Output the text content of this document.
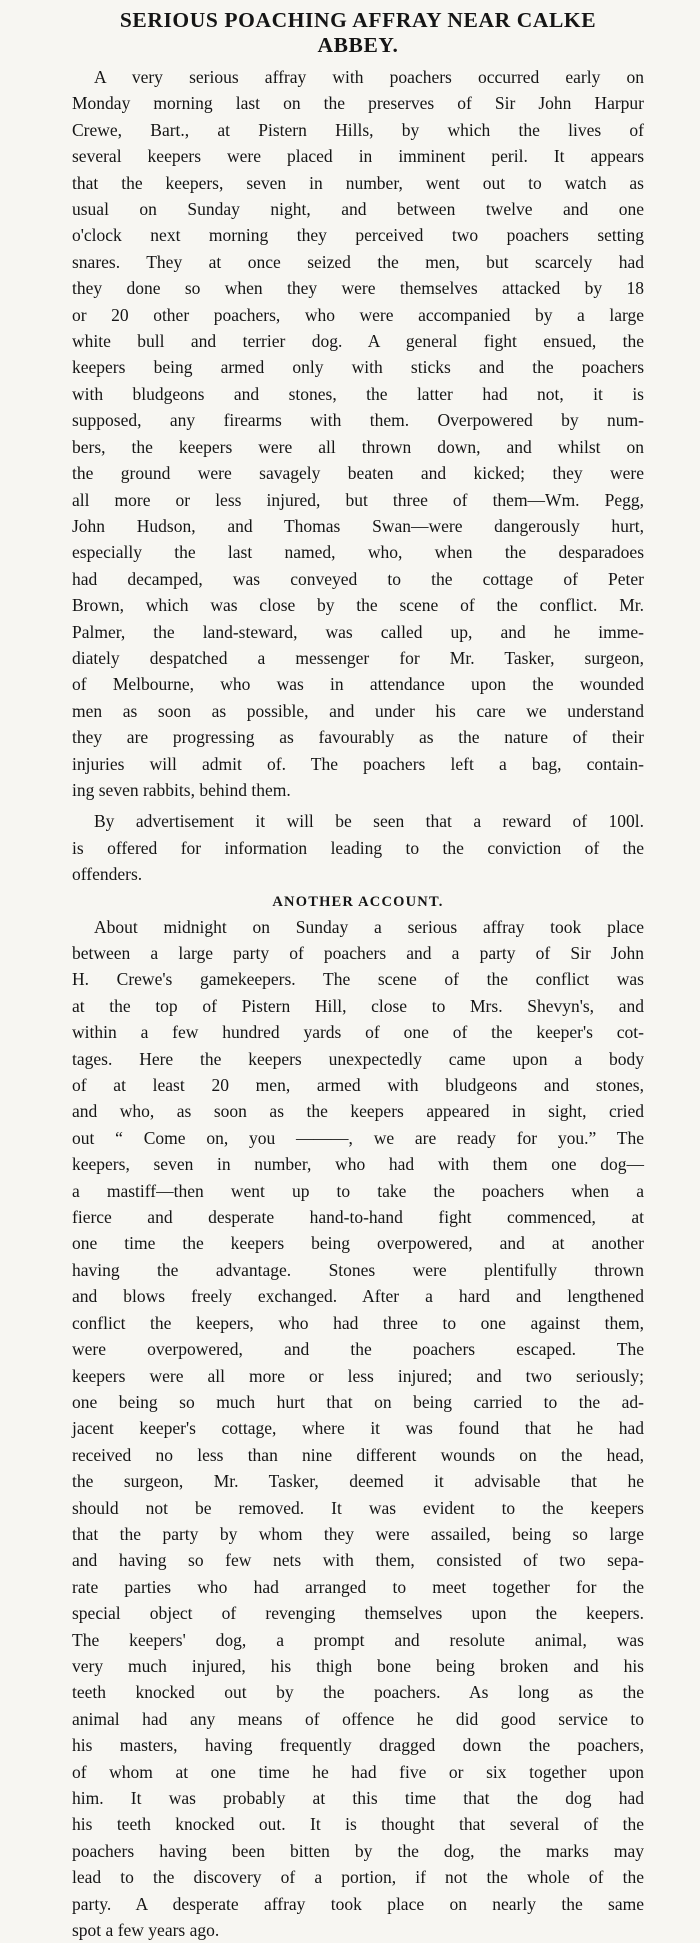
SERIOUS POACHING AFFRAY NEAR CALKE
ABBEY.

A very serious affray with poachers occurred early on
Monday morning last on the preserves of Sir John Harpur
Crewe, Bart., at Pistern Hills, by which the lives of
several keepers were placed in imminent peril. It appears
that the keepers, seven in number, went out to watch as
usual on Sunday night, and between twelve and one
o'clock next morning they perceived two poachers setting
snares. They at once seized the men, but scarcely had
they done so when they were themselves attacked by 18
or 20 other poachers, who were accompanied by a large
white bull and terrier dog. A general fight ensued, the
keepers being armed only with sticks and the poachers
with bludgeons and stones, the latter had not, it is
supposed, any firearms with them. Overpowered by num-
bers, the keepers were all thrown down, and whilst on
the ground were savagely beaten and kicked; they were
all more or less injured, but three of them—Wm. Pegg,
John Hudson, and Thomas Swan—were dangerously hurt,
especially the last named, who, when the desparadoes
had decamped, was conveyed to the cottage of Peter
Brown, which was close by the scene of the conflict. Mr.
Palmer, the land-steward, was called up, and he imme-
diately despatched a messenger for Mr. Tasker, surgeon,
of Melbourne, who was in attendance upon the wounded
men as soon as possible, and under his care we understand
they are progressing as favourably as the nature of their
injuries will admit of. The poachers left a bag, contain-
ing seven rabbits, behind them.

By advertisement it will be seen that a reward of 100l.
is offered for information leading to the conviction of the
offenders.

ANOTHER ACCOUNT.

About midnight on Sunday a serious affray took place
between a large party of poachers and a party of Sir John
H. Crewe's gamekeepers. The scene of the conflict was
at the top of Pistern Hill, close to Mrs. Shevyn's, and
within a few hundred yards of one of the keeper's cot-
tages. Here the keepers unexpectedly came upon a body
of at least 20 men, armed with bludgeons and stones,
and who, as soon as the keepers appeared in sight, cried
out “ Come on, you ———, we are ready for you.” The
keepers, seven in number, who had with them one dog—
a mastiff—then went up to take the poachers when a
fierce and desperate hand-to-hand fight commenced, at
one time the keepers being overpowered, and at another
having the advantage. Stones were plentifully thrown
and blows freely exchanged. After a hard and lengthened
conflict the keepers, who had three to one against them,
were overpowered, and the poachers escaped. The
keepers were all more or less injured; and two seriously;
one being so much hurt that on being carried to the ad-
jacent keeper's cottage, where it was found that he had
received no less than nine different wounds on the head,
the surgeon, Mr. Tasker, deemed it advisable that he
should not be removed. It was evident to the keepers
that the party by whom they were assailed, being so large
and having so few nets with them, consisted of two sepa-
rate parties who had arranged to meet together for the
special object of revenging themselves upon the keepers.
The keepers' dog, a prompt and resolute animal, was
very much injured, his thigh bone being broken and his
teeth knocked out by the poachers. As long as the
animal had any means of offence he did good service to
his masters, having frequently dragged down the poachers,
of whom at one time he had five or six together upon
him. It was probably at this time that the dog had
his teeth knocked out. It is thought that several of the
poachers having been bitten by the dog, the marks may
lead to the discovery of a portion, if not the whole of the
party. A desperate affray took place on nearly the same
spot a few years ago.
